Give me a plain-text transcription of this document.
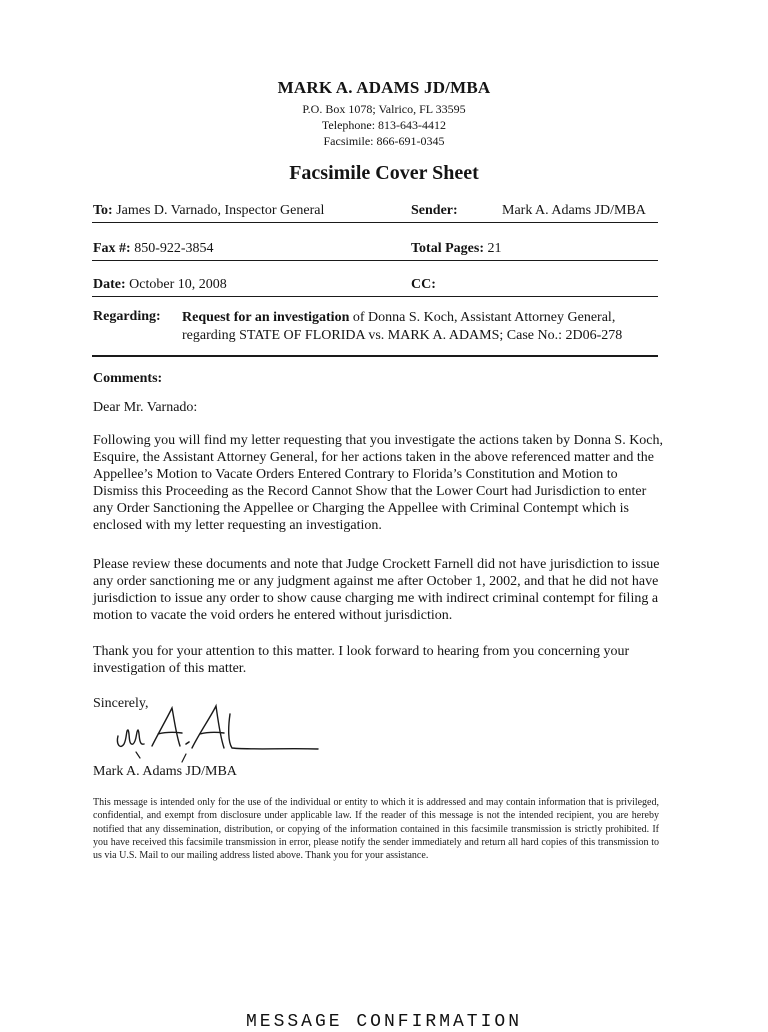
MARK A. ADAMS JD/MBA
P.O. Box 1078; Valrico, FL 33595
Telephone: 813-643-4412
Facsimile: 866-691-0345
Facsimile Cover Sheet
To: James D. Varnado, Inspector General	Sender:	Mark A. Adams JD/MBA
Fax #: 850-922-3854	Total Pages: 21
Date: October 10, 2008	CC:
Regarding: Request for an investigation of Donna S. Koch, Assistant Attorney General, regarding STATE OF FLORIDA vs. MARK A. ADAMS; Case No.: 2D06-278
Comments:
Dear Mr. Varnado:
Following you will find my letter requesting that you investigate the actions taken by Donna S. Koch, Esquire, the Assistant Attorney General, for her actions taken in the above referenced matter and the Appellee’s Motion to Vacate Orders Entered Contrary to Florida’s Constitution and Motion to Dismiss this Proceeding as the Record Cannot Show that the Lower Court had Jurisdiction to enter any Order Sanctioning the Appellee or Charging the Appellee with Criminal Contempt which is enclosed with my letter requesting an investigation.
Please review these documents and note that Judge Crockett Farnell did not have jurisdiction to issue any order sanctioning me or any judgment against me after October 1, 2002, and that he did not have jurisdiction to issue any order to show cause charging me with indirect criminal contempt for filing a motion to vacate the void orders he entered without jurisdiction.
Thank you for your attention to this matter. I look forward to hearing from you concerning your investigation of this matter.
Sincerely,
Mark A. Adams JD/MBA
This message is intended only for the use of the individual or entity to which it is addressed and may contain information that is privileged, confidential, and exempt from disclosure under applicable law. If the reader of this message is not the intended recipient, you are hereby notified that any dissemination, distribution, or copying of the information contained in this facsimile transmission is strictly prohibited. If you have received this facsimile transmission in error, please notify the sender immediately and return all hard copies of this transmission to us via U.S. Mail to our mailing address listed above. Thank you for your assistance.
MESSAGE CONFIRMATION
